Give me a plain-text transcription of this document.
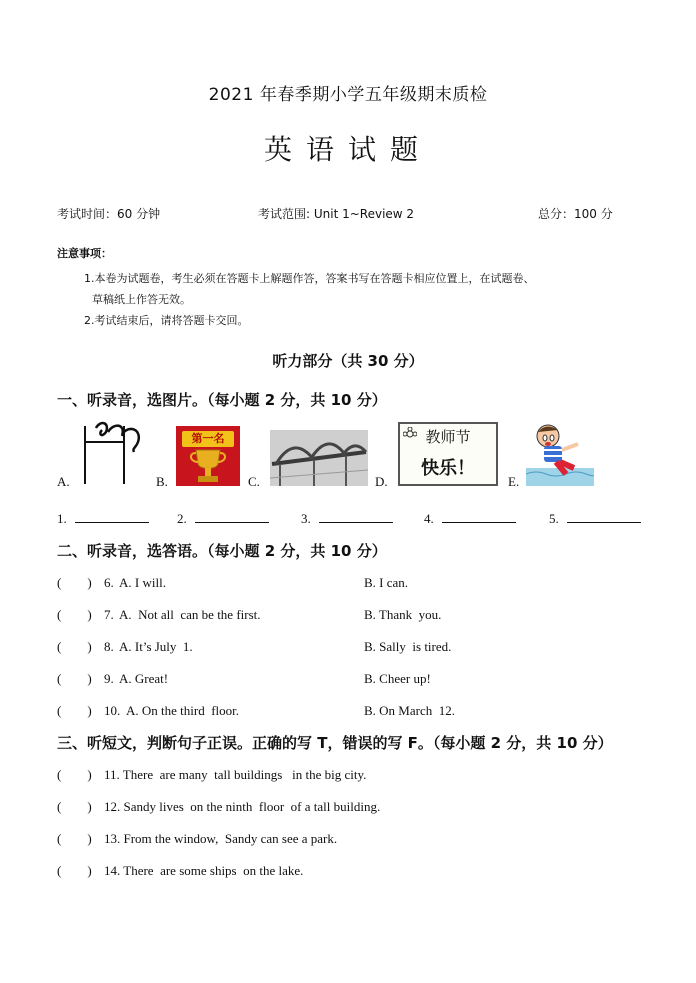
2021 年春季期小学五年级期末质检
英语试题
考试时间：60 分钟	考试范围: Unit 1~Review 2	总分：100 分
注意事项：
1.本卷为试题卷，考生必须在答题卡上解题作答，答案书写在答题卡相应位置上，在试题卷、
草稿纸上作答无效。
2.考试结束后，请将答题卡交回。
听力部分（共 30 分）
一、听录音，选图片。（每小题 2 分，共 10 分）
A.	B.
第一名
C.	D.
教师节
快乐！
E.
1.	2.	3.	4.	5.
二、听录音，选答语。（每小题 2 分，共 10 分）
(        ) 6. A. I will.	B. I can.
(        ) 7. A.  Not all  can be the first.	B. Thank  you.
(        ) 8. A. It’s July  1.	B. Sally  is tired.
(        ) 9. A. Great!	B. Cheer up!
(        ) 10. A. On the third  floor.	B. On March  12.
三、听短文，判断句子正误。正确的写 T，错误的写 F。（每小题 2 分，共 10 分）
(        ) 11. There  are many  tall buildings   in the big city.
(        ) 12. Sandy lives  on the ninth  floor  of a tall building.
(        ) 13. From the window,  Sandy can see a park.
(        ) 14. There  are some ships  on the lake.
